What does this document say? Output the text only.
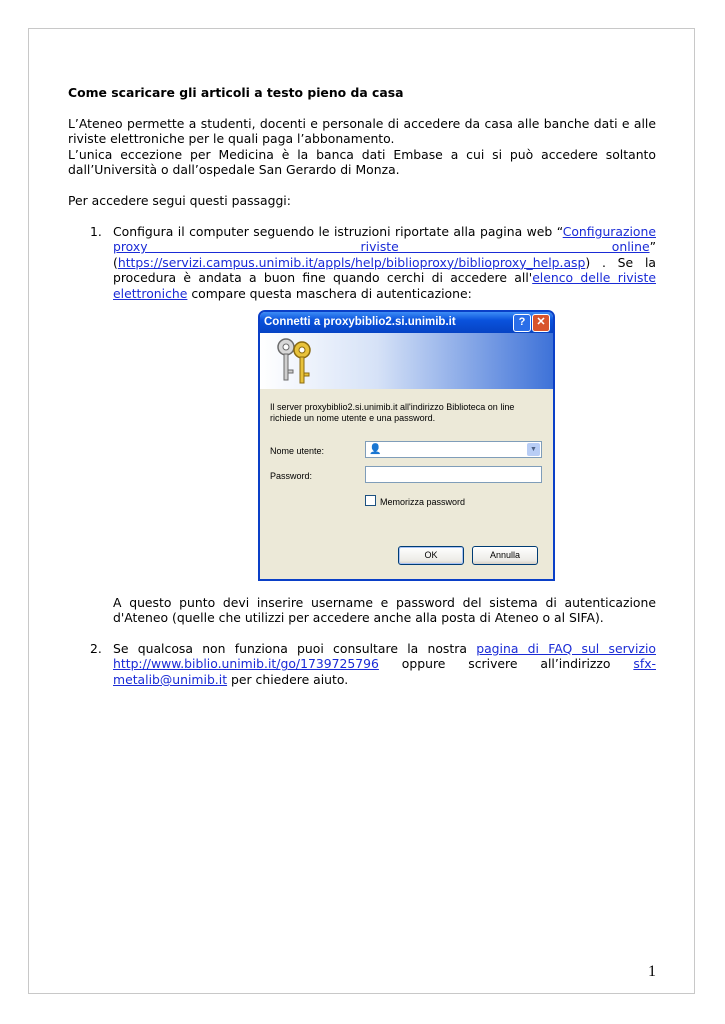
Come scaricare gli articoli a testo pieno da casa

L’Ateneo permette a studenti, docenti e personale di accedere da casa alle banche dati e alle riviste elettroniche per le quali paga l’abbonamento.

L’unica eccezione per Medicina è la banca dati Embase a cui si può accedere soltanto dall’Università o dall’ospedale San Gerardo di Monza.

Per accedere segui questi passaggi:

1. Configura il computer seguendo le istruzioni riportate alla pagina web “Configurazione proxy riviste online” (https://servizi.campus.unimib.it/appls/help/biblioproxy/biblioproxy_help.asp) . Se la procedura è andata a buon fine quando cerchi di accedere all'elenco delle riviste elettroniche compare questa maschera di autenticazione:

Connetti a proxybiblio2.si.unimib.it	?	✕
Il server proxybiblio2.si.unimib.it all'indirizzo Biblioteca on line richiede un nome utente e una password.
Nome utente:	👤	▼
Password:
Memorizza password
OK	Annulla

A questo punto devi inserire username e password del sistema di autenticazione d'Ateneo (quelle che utilizzi per accedere anche alla posta di Ateneo o al SIFA).

2. Se qualcosa non funziona puoi consultare la nostra pagina di FAQ sul servizio http://www.biblio.unimib.it/go/1739725796 oppure scrivere all’indirizzo sfx-metalib@unimib.it per chiedere aiuto.

1
